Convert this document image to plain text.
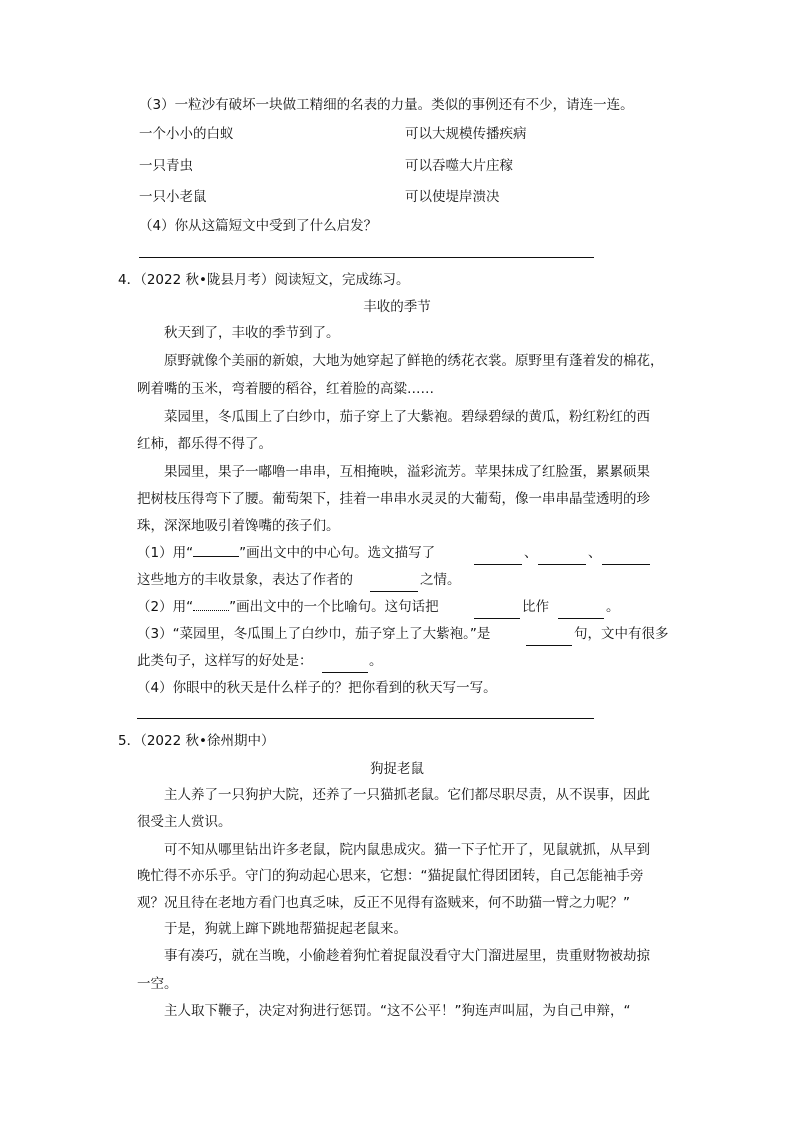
（3）一粒沙有破坏一块做工精细的名表的力量。类似的事例还有不少，请连一连。
一个小小的白蚁	可以大规模传播疾病
一只青虫	可以吞噬大片庄稼
一只小老鼠	可以使堤岸溃决
（4）你从这篇短文中受到了什么启发？
4．（2022 秋•陇县月考）阅读短文，完成练习。
丰收的季节
秋天到了，丰收的季节到了。
原野就像个美丽的新娘，大地为她穿起了鲜艳的绣花衣裳。原野里有蓬着发的棉花，
咧着嘴的玉米，弯着腰的稻谷，红着脸的高粱……
菜园里，冬瓜围上了白纱巾，茄子穿上了大紫袍。碧绿碧绿的黄瓜，粉红粉红的西
红柿，都乐得不得了。
果园里，果子一嘟噜一串串，互相掩映，溢彩流芳。苹果抹成了红脸蛋，累累硕果
把树枝压得弯下了腰。葡萄架下，挂着一串串水灵灵的大葡萄，像一串串晶莹透明的珍
珠，深深地吸引着馋嘴的孩子们。
（1）用“	”画出文中的中心句。选文描写了	、	、
这些地方的丰收景象，表达了作者的	之情。
（2）用“	”画出文中的一个比喻句。这句话把	比作	。
（3）“菜园里，冬瓜围上了白纱巾，茄子穿上了大紫袍。”是	句，文中有很多
此类句子，这样写的好处是：	。
（4）你眼中的秋天是什么样子的？把你看到的秋天写一写。
5．（2022 秋•徐州期中）
狗捉老鼠
主人养了一只狗护大院，还养了一只猫抓老鼠。它们都尽职尽责，从不误事，因此
很受主人赏识。
可不知从哪里钻出许多老鼠，院内鼠患成灾。猫一下子忙开了，见鼠就抓，从早到
晚忙得不亦乐乎。守门的狗动起心思来，它想：“猫捉鼠忙得团团转，自己怎能袖手旁
观？况且待在老地方看门也真乏味，反正不见得有盗贼来，何不助猫一臂之力呢？”
于是，狗就上蹿下跳地帮猫捉起老鼠来。
事有凑巧，就在当晚，小偷趁着狗忙着捉鼠没看守大门溜进屋里，贵重财物被劫掠
一空。
主人取下鞭子，决定对狗进行惩罚。“这不公平！”狗连声叫屈，为自己申辩，“
